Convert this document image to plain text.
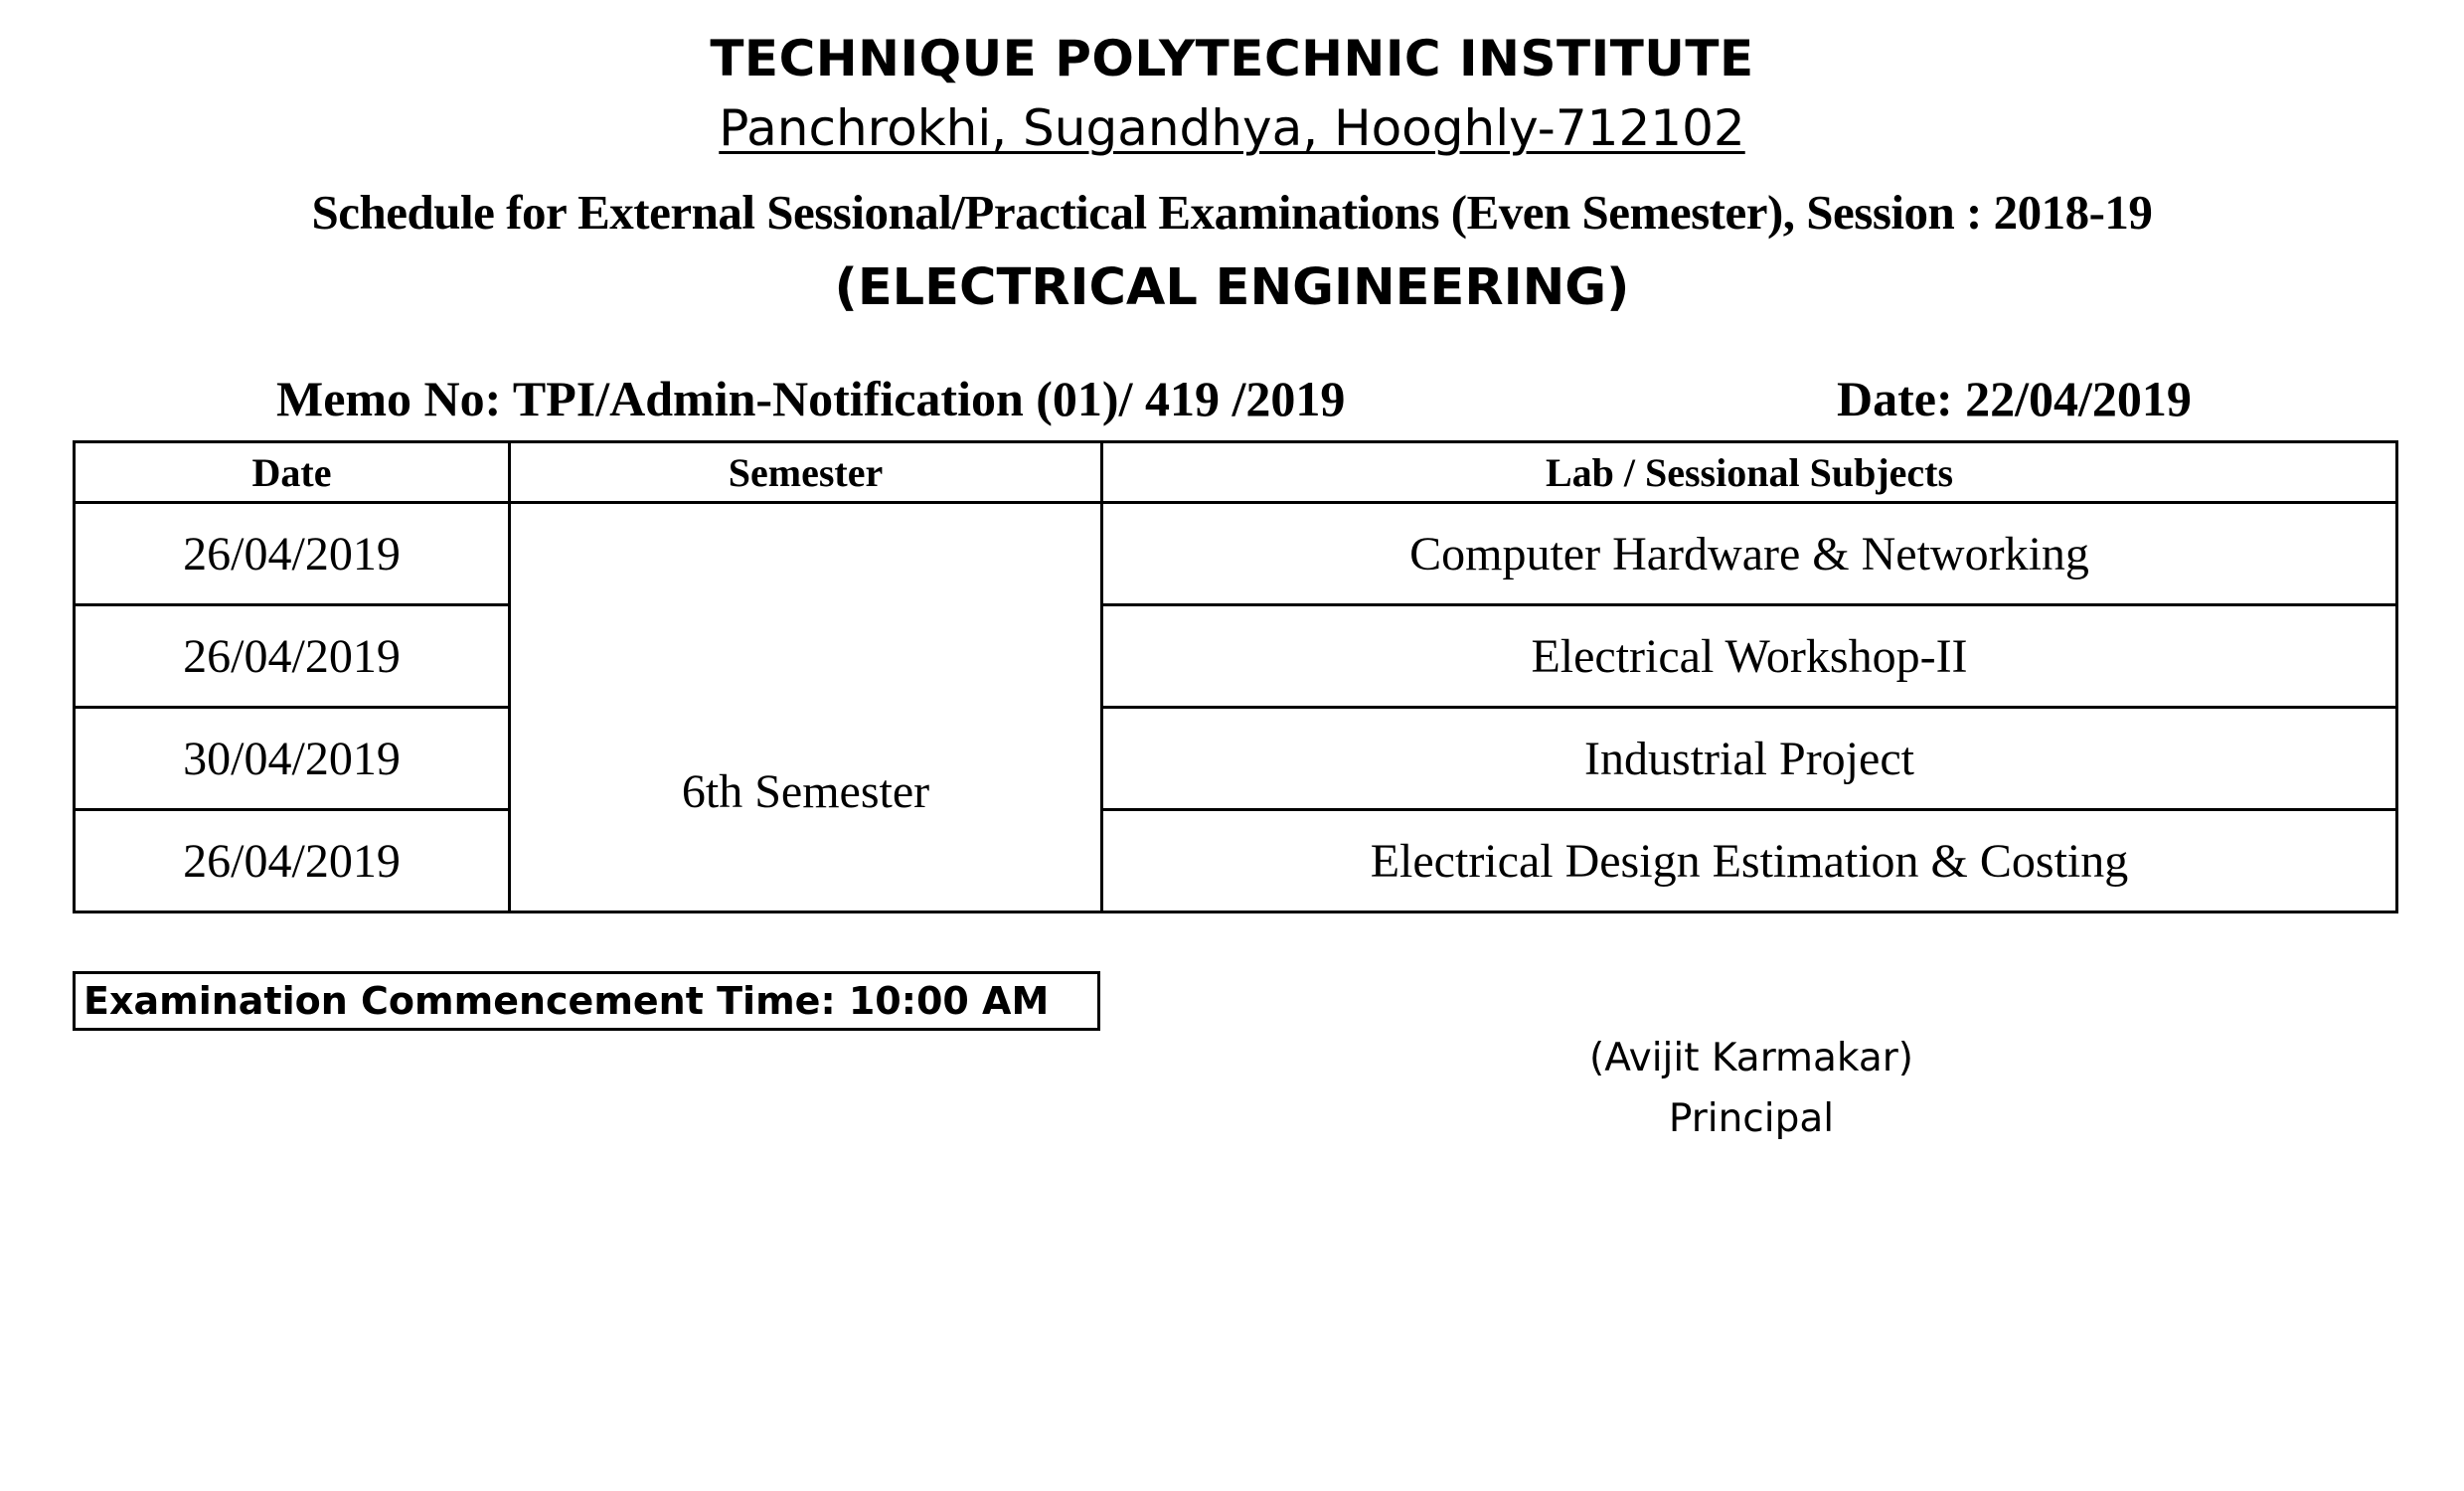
TECHNIQUE POLYTECHNIC INSTITUTE
Panchrokhi, Sugandhya, Hooghly-712102
Schedule for External Sessional/Practical Examinations (Even Semester), Session : 2018-19
(ELECTRICAL ENGINEERING)
Memo No: TPI/Admin-Notification (01)/ 419 /2019	Date: 22/04/2019
Date	Semester	Lab / Sessional Subjects
26/04/2019	6th Semester	Computer Hardware & Networking
26/04/2019		Electrical Workshop-II
30/04/2019		Industrial Project
26/04/2019		Electrical Design Estimation & Costing
Examination Commencement Time: 10:00 AM
(Avijit Karmakar)
Principal
